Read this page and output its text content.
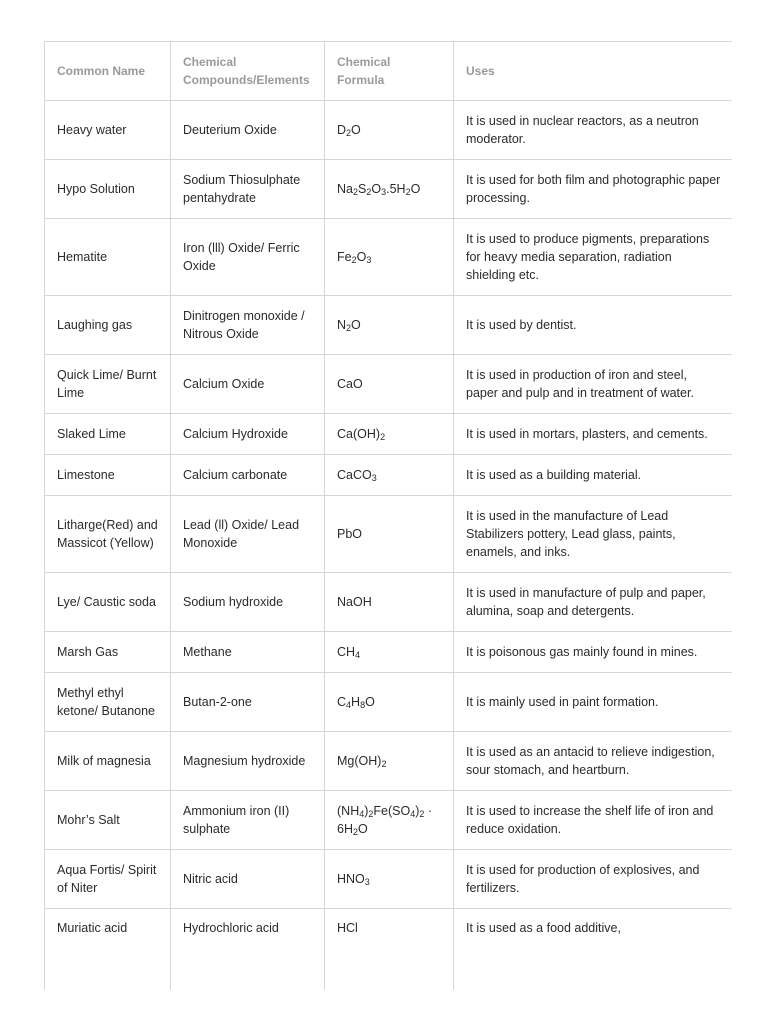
Common Name	Chemical Compounds/Elements	Chemical Formula	Uses
Heavy water	Deuterium Oxide	$D_2O$	It is used in nuclear reactors, as a neutron moderator.
Hypo Solution	Sodium Thiosulphate pentahydrate	$Na_2S_2O_3.5H_2O$	It is used for both film and photographic paper processing.
Hematite	Iron (lll) Oxide/ Ferric Oxide	$Fe_2O_3$	It is used to produce pigments, preparations for heavy media separation, radiation shielding etc.
Laughing gas	Dinitrogen monoxide / Nitrous Oxide	$N_2O$	It is used by dentist.
Quick Lime/ Burnt Lime	Calcium Oxide	CaO	It is used in production of iron and steel, paper and pulp and in treatment of water.
Slaked Lime	Calcium Hydroxide	$Ca(OH)_2$	It is used in mortars, plasters, and cements.
Limestone	Calcium carbonate	CaCO$_3$	It is used as a building material.
Litharge(Red) and Massicot (Yellow)	Lead (ll) Oxide/ Lead Monoxide	PbO	It is used in the manufacture of Lead Stabilizers pottery, Lead glass, paints, enamels, and inks.
Lye/ Caustic soda	Sodium hydroxide	NaOH	It is used in manufacture of pulp and paper, alumina, soap and detergents.
Marsh Gas	Methane	$CH_4$	It is poisonous gas mainly found in mines.
Methyl ethyl ketone/ Butanone	Butan-2-one	$C_4H_8O$	It is mainly used in paint formation.
Milk of magnesia	Magnesium hydroxide	$Mg(OH)_2$	It is used as an antacid to relieve indigestion, sour stomach, and heartburn.
Mohr’s Salt	Ammonium iron (II) sulphate	$(NH_4)_2Fe(SO_4)_2 \cdot 6H_2O$	It is used to increase the shelf life of iron and reduce oxidation.
Aqua Fortis/ Spirit of Niter	Nitric acid	$HNO_3$	It is used for production of explosives, and fertilizers.
Muriatic acid	Hydrochloric acid	HCl	It is used as a food additive,
